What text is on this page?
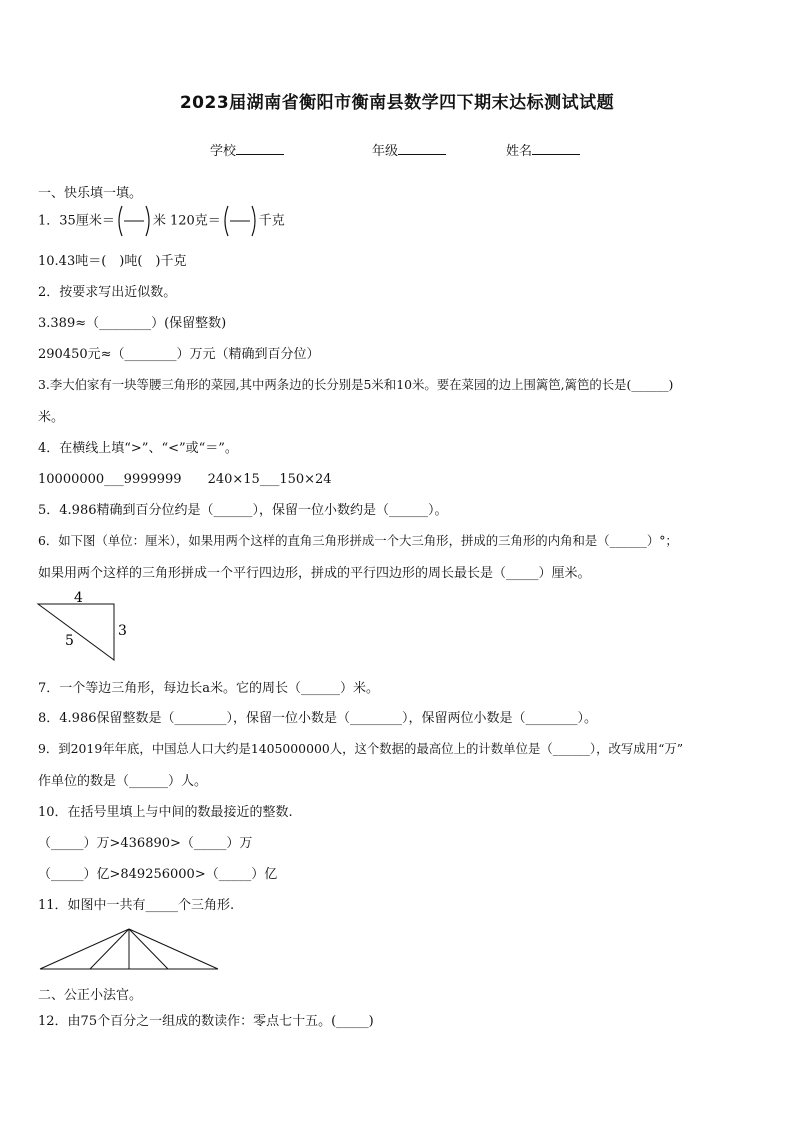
2023届湖南省衡阳市衡南县数学四下期末达标测试试题
学校	年级	姓名
一、快乐填一填。
1．35厘米＝	米 120克＝	千克
10.43吨＝(　)吨(　)千克
2．按要求写出近似数。
3.389≈（________）(保留整数)
290450元≈（________）万元（精确到百分位）
3.李大伯家有一块等腰三角形的菜园,其中两条边的长分别是5米和10米。要在菜园的边上围篱笆,篱笆的长是(______)
米。
4．在横线上填“>”、“<”或“＝”。
10000000___9999999　　240×15___150×24
5．4.986精确到百分位约是（______），保留一位小数约是（______）。
6．如下图（单位：厘米），如果用两个这样的直角三角形拼成一个大三角形，拼成的三角形的内角和是（______）°；
如果用两个这样的三角形拼成一个平行四边形，拼成的平行四边形的周长最长是（_____）厘米。
4
5
3
7．一个等边三角形，每边长a米。它的周长（______）米。
8．4.986保留整数是（________），保留一位小数是（________），保留两位小数是（________）。
9．到2019年年底，中国总人口大约是1405000000人，这个数据的最高位上的计数单位是（______），改写成用“万”
作单位的数是（______）人。
10．在括号里填上与中间的数最接近的整数.
（_____）万>436890>（_____）万
（_____）亿>849256000>（_____）亿
11．如图中一共有_____个三角形.
二、公正小法官。
12．由75个百分之一组成的数读作：零点七十五。(_____)
